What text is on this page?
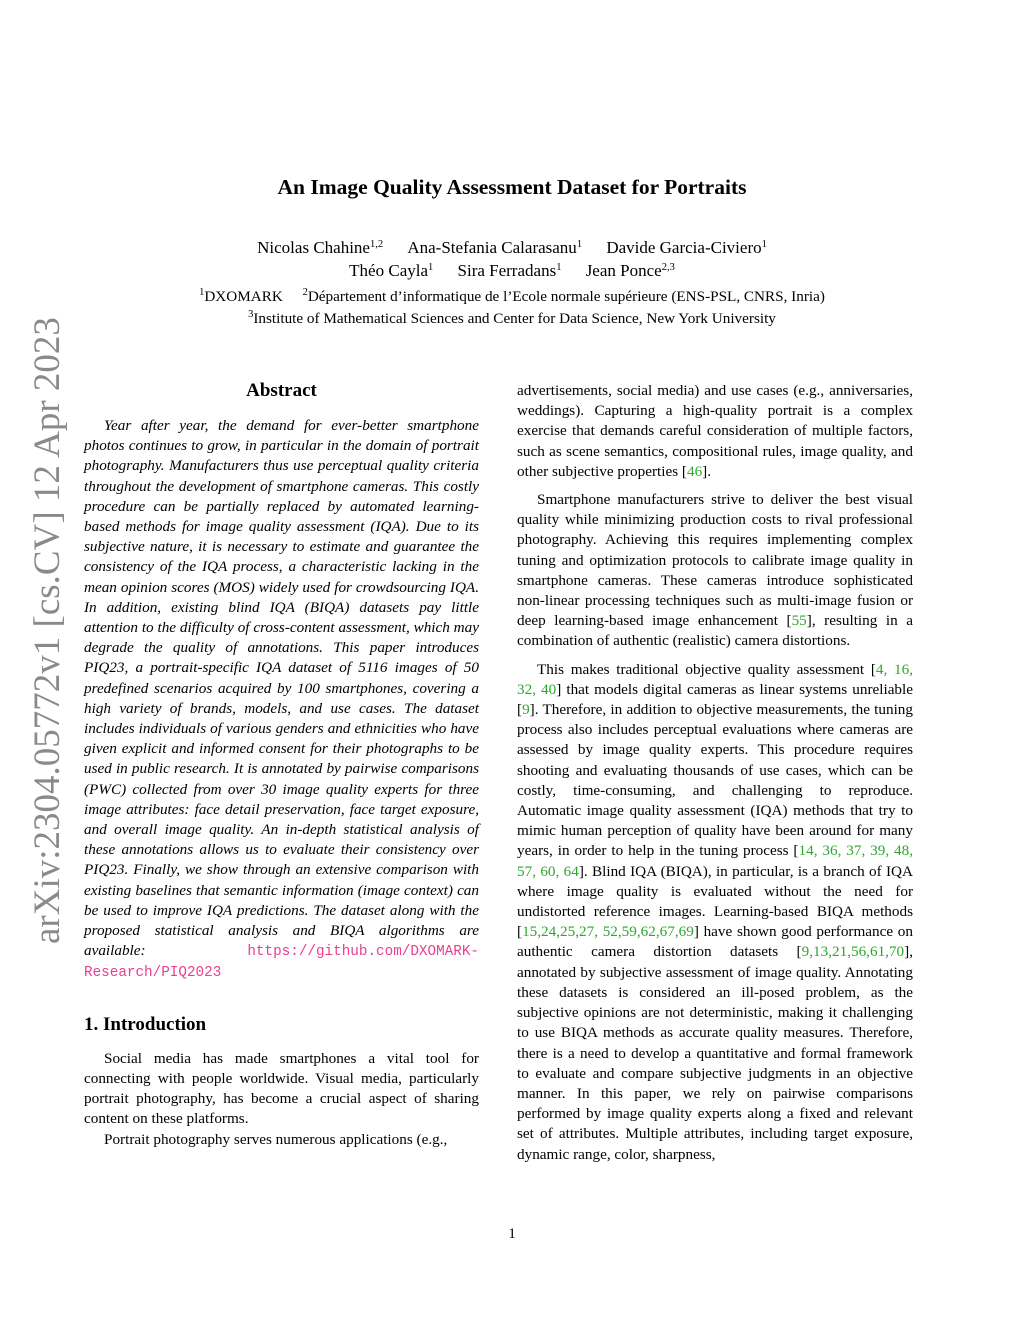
arXiv:2304.05772v1 [cs.CV] 12 Apr 2023
An Image Quality Assessment Dataset for Portraits
Nicolas Chahine$^{1,2}$ Ana-Stefania Calarasanu$^1$ Davide Garcia-Civiero$^1$
Théo Cayla$^1$ Sira Ferradans$^1$ Jean Ponce$^{2,3}$
$^1$DXOMARK $^2$Département d’informatique de l’Ecole normale supérieure (ENS-PSL, CNRS, Inria)
$^3$Institute of Mathematical Sciences and Center for Data Science, New York University
Abstract

Year after year, the demand for ever-better smartphone photos continues to grow, in particular in the domain of portrait photography. Manufacturers thus use perceptual quality criteria throughout the development of smartphone cameras. This costly procedure can be partially replaced by automated learning-based methods for image quality assessment (IQA). Due to its subjective nature, it is necessary to estimate and guarantee the consistency of the IQA process, a characteristic lacking in the mean opinion scores (MOS) widely used for crowdsourcing IQA. In addition, existing blind IQA (BIQA) datasets pay little attention to the difficulty of cross-content assessment, which may degrade the quality of annotations. This paper introduces PIQ23, a portrait-specific IQA dataset of 5116 images of 50 predefined scenarios acquired by 100 smartphones, covering a high variety of brands, models, and use cases. The dataset includes individuals of various genders and ethnicities who have given explicit and informed consent for their photographs to be used in public research. It is annotated by pairwise comparisons (PWC) collected from over 30 image quality experts for three image attributes: face detail preservation, face target exposure, and overall image quality. An in-depth statistical analysis of these annotations allows us to evaluate their consistency over PIQ23. Finally, we show through an extensive comparison with existing baselines that semantic information (image context) can be used to improve IQA predictions. The dataset along with the proposed statistical analysis and BIQA algorithms are available:	https://github.com/DXOMARK-Research/PIQ2023

1. Introduction

Social media has made smartphones a vital tool for connecting with people worldwide. Visual media, particularly portrait photography, has become a crucial aspect of sharing content on these platforms.

Portrait photography serves numerous applications (e.g.,

advertisements, social media) and use cases (e.g., anniversaries, weddings). Capturing a high-quality portrait is a complex exercise that demands careful consideration of multiple factors, such as scene semantics, compositional rules, image quality, and other subjective properties [46].

Smartphone manufacturers strive to deliver the best visual quality while minimizing production costs to rival professional photography. Achieving this requires implementing complex tuning and optimization protocols to calibrate image quality in smartphone cameras. These cameras introduce sophisticated non-linear processing techniques such as multi-image fusion or deep learning-based image enhancement [55], resulting in a combination of authentic (realistic) camera distortions.

This makes traditional objective quality assessment [4, 16, 32, 40] that models digital cameras as linear systems unreliable [9]. Therefore, in addition to objective measurements, the tuning process also includes perceptual evaluations where cameras are assessed by image quality experts. This procedure requires shooting and evaluating thousands of use cases, which can be costly, time-consuming, and challenging to reproduce. Automatic image quality assessment (IQA) methods that try to mimic human perception of quality have been around for many years, in order to help in the tuning process [14, 36, 37, 39, 48, 57, 60, 64]. Blind IQA (BIQA), in particular, is a branch of IQA where image quality is evaluated without the need for undistorted reference images. Learning-based BIQA methods [15,24,25,27, 52,59,62,67,69] have shown good performance on authentic camera distortion datasets [9,13,21,56,61,70], annotated by subjective assessment of image quality. Annotating these datasets is considered an ill-posed problem, as the subjective opinions are not deterministic, making it challenging to use BIQA methods as accurate quality measures. Therefore, there is a need to develop a quantitative and formal framework to evaluate and compare subjective judgments in an objective manner. In this paper, we rely on pairwise comparisons performed by image quality experts along a fixed and relevant set of attributes. Multiple attributes, including target exposure, dynamic range, color, sharpness,

1
